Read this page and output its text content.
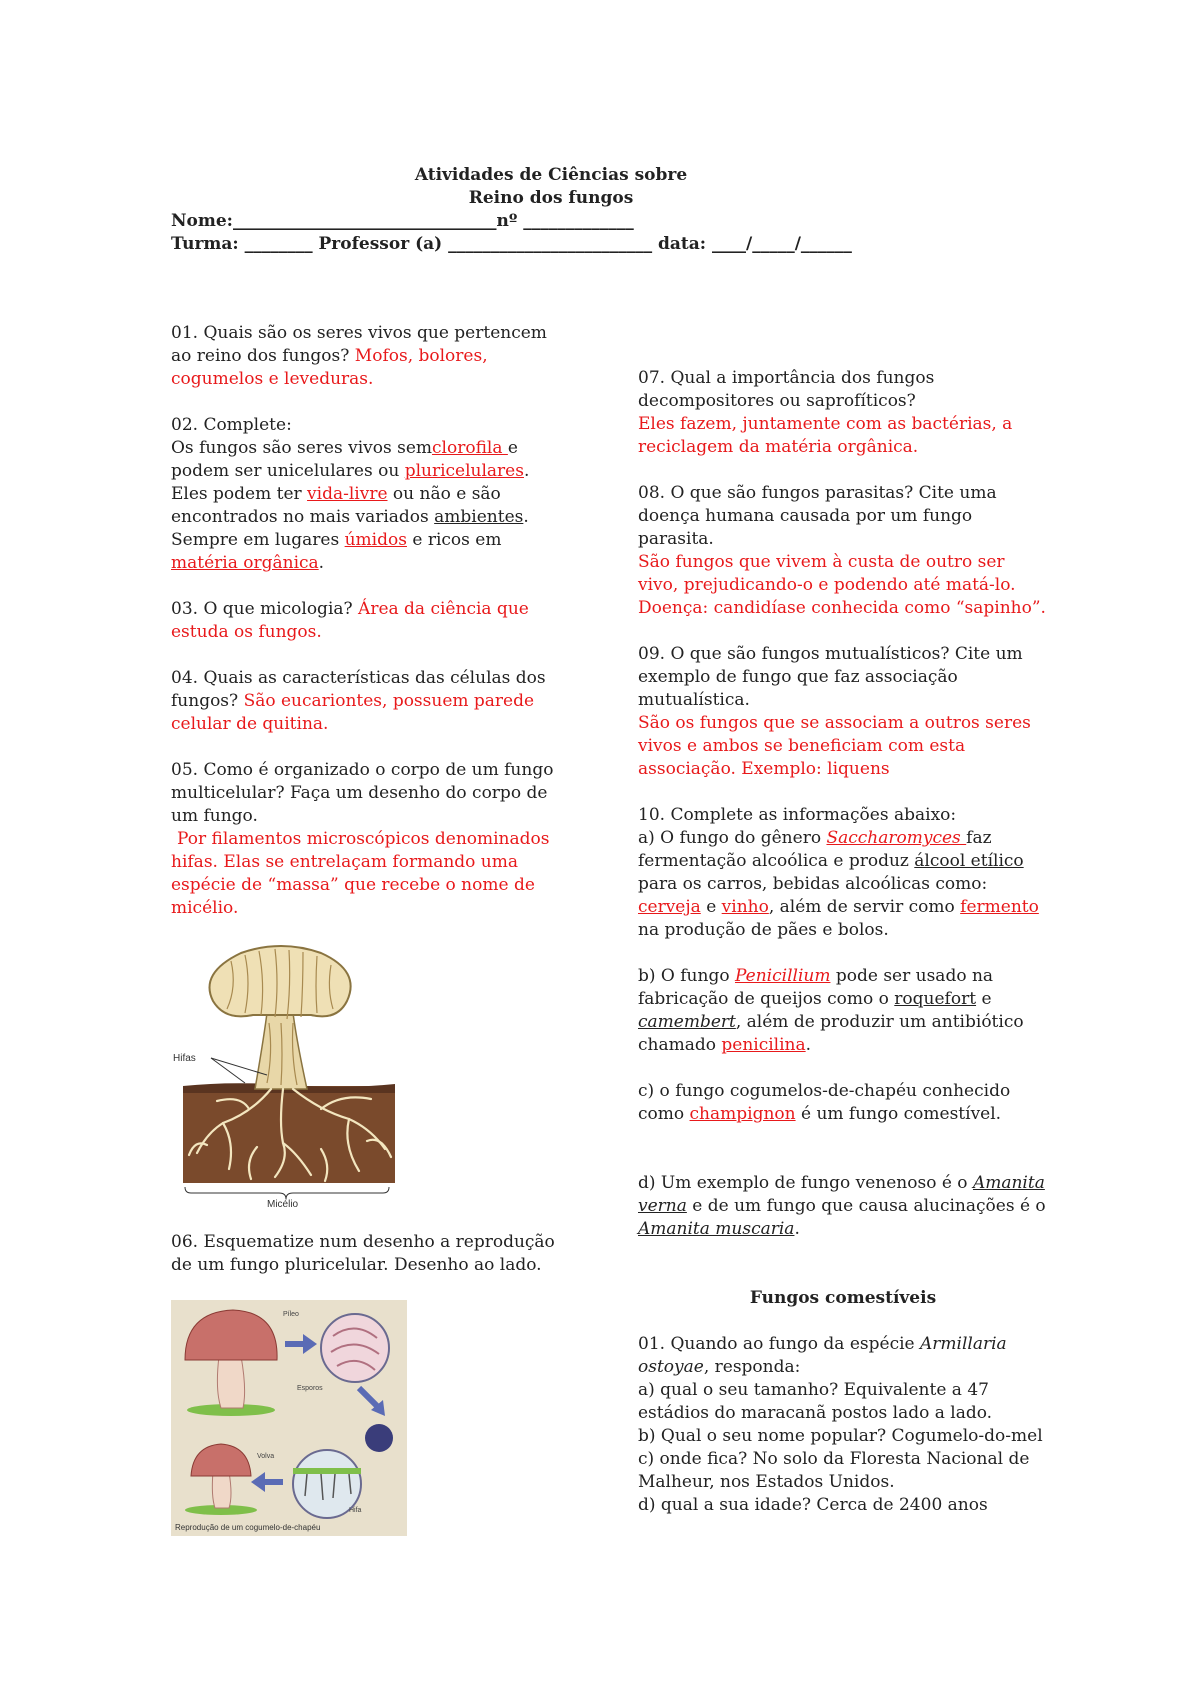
Atividades de Ciências sobre
Reino dos fungos
Nome:_______________________________nº _____________
Turma: ________ Professor (a) ________________________ data: ____/_____/______
01. Quais são os seres vivos que pertencem ao reino dos fungos? Mofos, bolores, cogumelos e leveduras.
02. Complete:
Os fungos são seres vivos semclorofila e podem ser unicelulares ou pluricelulares. Eles podem ter vida-livre ou não e são encontrados no mais variados ambientes. Sempre em lugares úmidos e ricos em matéria orgânica.
03. O que micologia? Área da ciência que estuda os fungos.
04. Quais as características das células dos fungos? São eucariontes, possuem parede celular de quitina.
05. Como é organizado o corpo de um fungo multicelular? Faça um desenho do corpo de um fungo.
Por filamentos microscópicos denominados hifas. Elas se entrelaçam formando uma espécie de “massa” que recebe o nome de micélio.
Hifas
Micélio
06. Esquematize num desenho a reprodução de um fungo pluricelular. Desenho ao lado.
Píleo
Esporos
Hifa
Volva
Reprodução de um cogumelo-de-chapéu
07. Qual a importância dos fungos decompositores ou saprofíticos?
Eles fazem, juntamente com as bactérias, a reciclagem da matéria orgânica.
08. O que são fungos parasitas? Cite uma doença humana causada por um fungo parasita.
São fungos que vivem à custa de outro ser vivo, prejudicando-o e podendo até matá-lo. Doença: candidíase conhecida como “sapinho”.
09. O que são fungos mutualísticos? Cite um exemplo de fungo que faz associação mutualística.
São os fungos que se associam a outros seres vivos e ambos se beneficiam com esta associação. Exemplo: liquens
10. Complete as informações abaixo:
a) O fungo do gênero Saccharomyces faz fermentação alcoólica e produz álcool etílico para os carros, bebidas alcoólicas como: cerveja e vinho, além de servir como fermento na produção de pães e bolos.
b) O fungo Penicillium pode ser usado na fabricação de queijos como o roquefort e camembert, além de produzir um antibiótico chamado penicilina.
c) o fungo cogumelos-de-chapéu conhecido como champignon é um fungo comestível.
d) Um exemplo de fungo venenoso é o Amanita verna e de um fungo que causa alucinações é o Amanita muscaria.
Fungos comestíveis
01. Quando ao fungo da espécie Armillaria ostoyae, responda:
a) qual o seu tamanho? Equivalente a 47 estádios do maracanã postos lado a lado.
b) Qual o seu nome popular? Cogumelo-do-mel
c) onde fica? No solo da Floresta Nacional de Malheur, nos Estados Unidos.
d) qual a sua idade? Cerca de 2400 anos
